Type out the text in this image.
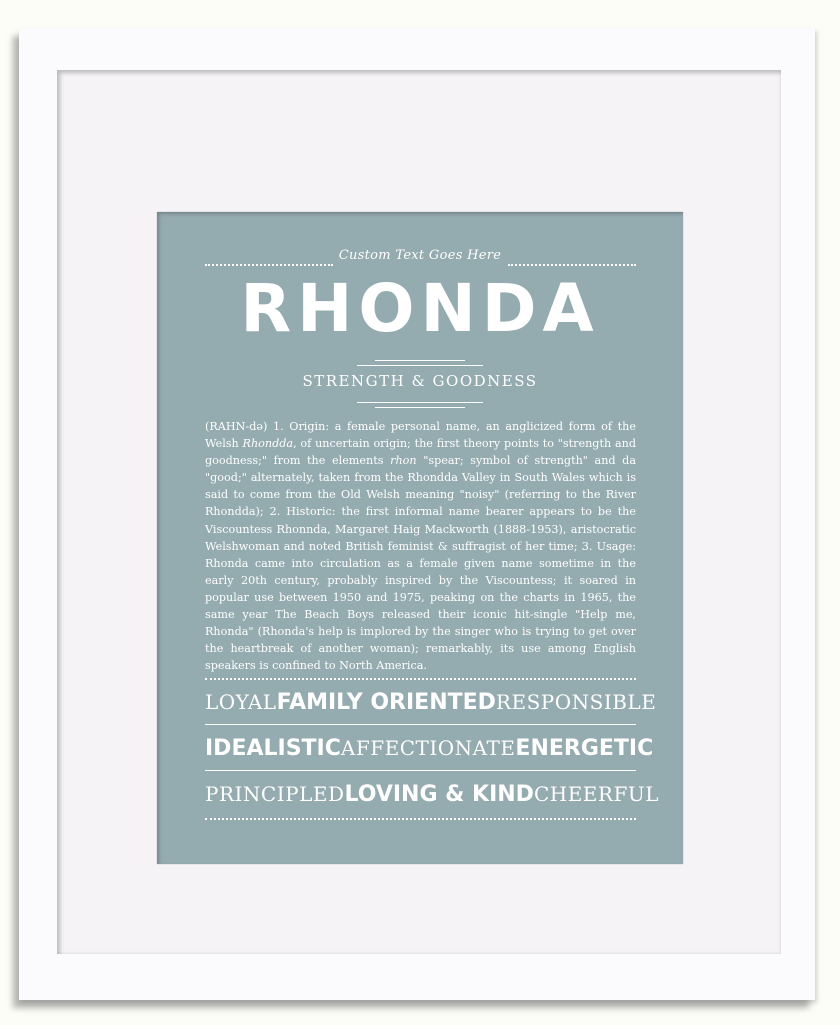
Custom Text Goes Here
RHONDA
STRENGTH & GOODNESS
(RAHN-də) 1. Origin: a female personal name, an anglicized form of the Welsh Rhondda, of uncertain origin; the first theory points to "strength and goodness;" from the elements rhon "spear; symbol of strength" and da "good;" alternately, taken from the Rhondda Valley in South Wales which is said to come from the Old Welsh meaning "noisy" (referring to the River Rhondda); 2. Historic: the first informal name bearer appears to be the Viscountess Rhonnda, Margaret Haig Mackworth (1888-1953), aristocratic Welshwoman and noted British feminist & suffragist of her time; 3. Usage: Rhonda came into circulation as a female given name sometime in the early 20th century, probably inspired by the Viscountess; it soared in popular use between 1950 and 1975, peaking on the charts in 1965, the same year The Beach Boys released their iconic hit-single "Help me, Rhonda" (Rhonda's help is implored by the singer who is trying to get over the heartbreak of another woman); remarkably, its use among English speakers is confined to North America.
LOYAL FAMILY ORIENTED RESPONSIBLE
IDEALISTIC AFFECTIONATE ENERGETIC
PRINCIPLED LOVING & KIND CHEERFUL
